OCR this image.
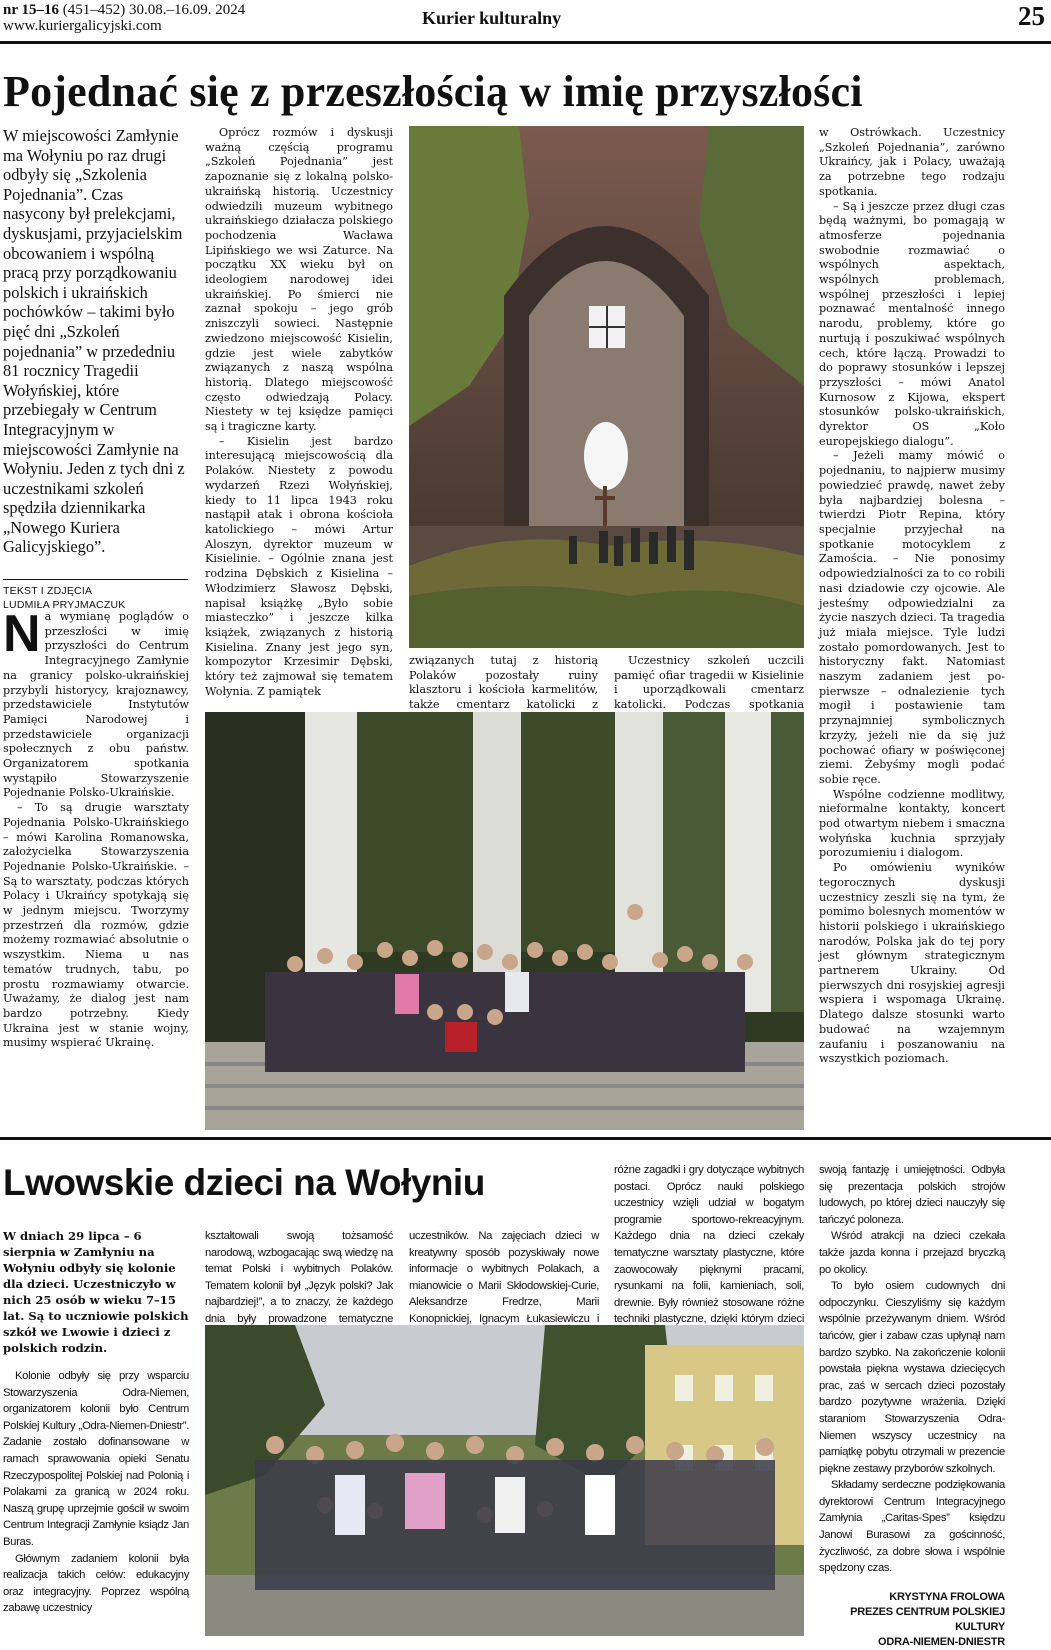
nr 15–16 (451–452) 30.08.–16.09. 2024
www.kuriergalicyjski.com	Kurier kulturalny	25
Pojednać się z przeszłością w imię przyszłości
W miejscowości Zamłynie ma Wołyniu po raz drugi odbyły się „Szkolenia Pojednania”. Czas nasycony był prelekcjami, dyskusjami, przyjacielskim obcowaniem i wspólną pracą przy porządkowaniu polskich i ukraińskich pochówków – takimi było pięć dni „Szkoleń pojednania” w przededniu 81 rocznicy Tragedii Wołyńskiej, które przebiegały w Centrum Integracyjnym w miejscowości Zamłynie na Wołyniu. Jeden z tych dni z uczestnikami szkoleń spędziła dziennikarka „Nowego Kuriera Galicyjskiego”.
TEKST I ZDJĘCIA
LUDMIŁA PRYJMACZUK

Na wymianę poglądów o przeszłości w imię przyszłości do Centrum Integracyjnego Zamłynie na granicy polsko-ukraińskiej przybyli historycy, krajoznawcy, przedstawiciele Instytutów Pamięci Narodowej i przedstawiciele organizacji społecznych z obu państw. Organizatorem spotkania wystąpiło Stowarzyszenie Pojednanie Polsko-Ukraińskie.

– To są drugie warsztaty Pojednania Polsko-Ukraińskiego – mówi Karolina Romanowska, założycielka Stowarzyszenia Pojednanie Polsko-Ukraińskie. – Są to warsztaty, podczas których Polacy i Ukraińcy spotykają się w jednym miejscu. Tworzymy przestrzeń dla rozmów, gdzie możemy rozmawiać absolutnie o wszystkim. Niema u nas tematów trudnych, tabu, po prostu rozmawiamy otwarcie. Uważamy, że dialog jest nam bardzo potrzebny. Kiedy Ukraina jest w stanie wojny, musimy wspierać Ukrainę.

Oprócz rozmów i dyskusji ważną częścią programu „Szkoleń Pojednania” jest zapoznanie się z lokalną polsko-ukraińską historią. Uczestnicy odwiedzili muzeum wybitnego ukraińskiego działacza polskiego pochodzenia Wacława Lipińskiego we wsi Zaturce. Na początku XX wieku był on ideologiem narodowej idei ukraińskiej. Po śmierci nie zaznał spokoju – jego grób zniszczyli sowieci. Następnie zwiedzono miejscowość Kisielin, gdzie jest wiele zabytków związanych z naszą wspólna historią. Dlatego miejscowość często odwiedzają Polacy. Niestety w tej księdze pamięci są i tragiczne karty.

– Kisielin jest bardzo interesującą miejscowością dla Polaków. Niestety z powodu wydarzeń Rzezi Wołyńskiej, kiedy to 11 lipca 1943 roku nastąpił atak i obrona kościoła katolickiego – mówi Artur Aloszyn, dyrektor muzeum w Kisielinie. – Ogólnie znana jest rodzina Dębskich z Kisielina – Włodzimierz Sławosz Dębski, napisał książkę „Było sobie miasteczko” i jeszcze kilka książek, związanych z historią Kisielina. Znany jest jego syn, kompozytor Krzesimir Dębski, który też zajmował się tematem Wołynia. Z pamiątek

związanych tutaj z historią Polaków pozostały ruiny klasztoru i kościoła karmelitów, także cmentarz katolicki z

Uczestnicy szkoleń uczcili pamięć ofiar tragedii w Kisielinie i uporządkowali cmentarz katolicki. Podczas spotkania

w Ostrówkach. Uczestnicy „Szkoleń Pojednania”, zarówno Ukraińcy, jak i Polacy, uważają za potrzebne tego rodzaju spotkania.

– Są i jeszcze przez długi czas będą ważnymi, bo pomagają w atmosferze pojednania swobodnie rozmawiać o wspólnych aspektach, wspólnych problemach, wspólnej przeszłości i lepiej poznawać mentalność innego narodu, problemy, które go nurtują i poszukiwać wspólnych cech, które łączą. Prowadzi to do poprawy stosunków i lepszej przyszłości – mówi Anatol Kurnosow z Kijowa, ekspert stosunków polsko-ukraińskich, dyrektor OS „Koło europejskiego dialogu”.

– Jeżeli mamy mówić o pojednaniu, to najpierw musimy powiedzieć prawdę, nawet żeby była najbardziej bolesna – twierdzi Piotr Repina, który specjalnie przyjechał na spotkanie motocyklem z Zamościa. – Nie ponosimy odpowiedzialności za to co robili nasi dziadowie czy ojcowie. Ale jesteśmy odpowiedzialni za życie naszych dzieci. Ta tragedia już miała miejsce. Tyle ludzi zostało pomordowanych. Jest to historyczny fakt. Natomiast naszym zadaniem jest po-pierwsze – odnalezienie tych mogił i postawienie tam przynajmniej symbolicznych krzyży, jeżeli nie da się już pochować ofiary w poświęconej ziemi. Żebyśmy mogli podać sobie ręce.

Wspólne codzienne modlitwy, nieformalne kontakty, koncert pod otwartym niebem i smaczna wołyńska kuchnia sprzyjały porozumieniu i dialogom.

Po omówieniu wyników tegorocznych dyskusji uczestnicy zeszli się na tym, że pomimo bolesnych momentów w historii polskiego i ukraińskiego narodów, Polska jak do tej pory jest głównym strategicznym partnerem Ukrainy. Od pierwszych dni rosyjskiej agresji wspiera i wspomaga Ukrainę. Dlatego dalsze stosunki warto budować na wzajemnym zaufaniu i poszanowaniu na wszystkich poziomach.

Lwowskie dzieci na Wołyniu
W dniach 29 lipca – 6 sierpnia w Zamłyniu na Wołyniu odbyły się kolonie dla dzieci. Uczestniczyło w nich 25 osób w wieku 7–15 lat. Są to uczniowie polskich szkół we Lwowie i dzieci z polskich rodzin.

Kolonie odbyły się przy wsparciu Stowarzyszenia Odra-Niemen, organizatorem kolonii było Centrum Polskiej Kultury „Odra-Niemen-Dniestr”. Zadanie zostało dofinansowane w ramach sprawowania opieki Senatu Rzeczypospolitej Polskiej nad Polonią i Polakami za granicą w 2024 roku. Naszą grupę uprzejmie gościł w swoim Centrum Integracji Zamłynie ksiądz Jan Buras.

Głównym zadaniem kolonii była realizacja takich celów: edukacyjny oraz integracyjny. Poprzez wspólną zabawę uczestnicy

kształtowali swoją tożsamość narodową, wzbogacając swą wiedzę na temat Polski i wybitnych Polaków. Tematem kolonii był „Język polski? Jak najbardziej!”, a to znaczy, że każdego dnia były prowadzone tematyczne

uczestników. Na zajęciach dzieci w kreatywny sposób pozyskiwały nowe informacje o wybitnych Polakach, a mianowicie o Marii Skłodowskiej-Curie, Aleksandrze Fredrze, Marii Konopnickiej, Ignacym Łukasiewiczu i

różne zagadki i gry dotyczące wybitnych postaci. Oprócz nauki polskiego uczestnicy wzięli udział w bogatym programie sportowo-rekreacyjnym. Każdego dnia na dzieci czekały tematyczne warsztaty plastyczne, które zaowocowały pięknymi pracami, rysunkami na folii, kamieniach, soli, drewnie. Były również stosowane różne techniki plastyczne, dzięki którym dzieci

swoją fantazję i umiejętności. Odbyła się prezentacja polskich strojów ludowych, po której dzieci nauczyły się tańczyć poloneza.

Wśród atrakcji na dzieci czekała także jazda konna i przejazd bryczką po okolicy.

To było osiem cudownych dni odpoczynku. Cieszyliśmy się każdym wspólnie przeżywanym dniem. Wśród tańców, gier i zabaw czas upłynął nam bardzo szybko. Na zakończenie kolonii powstała piękna wystawa dziecięcych prac, zaś w sercach dzieci pozostały bardzo pozytywne wrażenia. Dzięki staraniom Stowarzyszenia Odra-Niemen wszyscy uczestnicy na pamiątkę pobytu otrzymali w prezencie piękne zestawy przyborów szkolnych.

Składamy serdeczne podziękowania dyrektorowi Centrum Integracyjnego Zamłynia „Caritas-Spes” księdzu Janowi Burasowi za gościnność, życzliwość, za dobre słowa i wspólnie spędzony czas.

KRYSTYNA FROLOWA
PREZES CENTRUM POLSKIEJ KULTURY
ODRA-NIEMEN-DNIESTR
